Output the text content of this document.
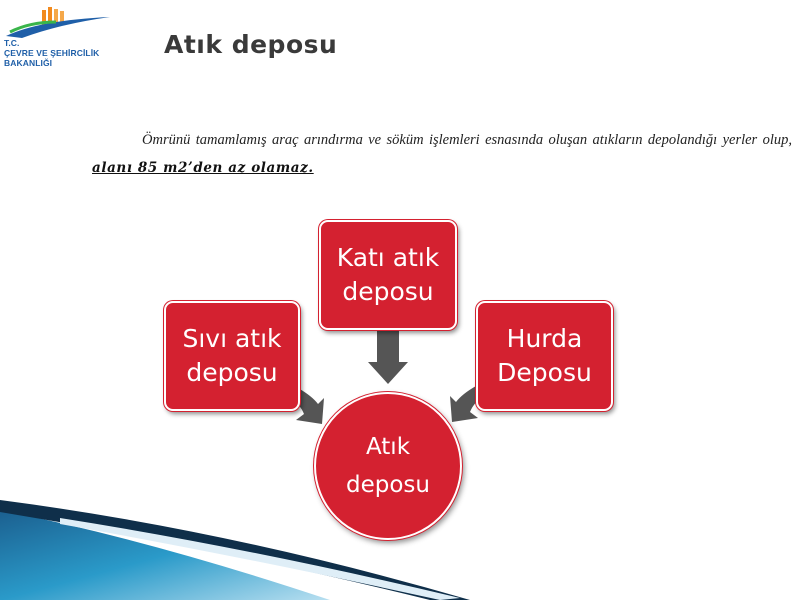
T.C.
ÇEVRE VE ŞEHİRCİLİK
BAKANLIĞI
Atık deposu
Ömrünü tamamlamış araç arındırma ve söküm işlemleri esnasında oluşan atıkların depolandığı yerler olup, alanı 85 m2’den az olamaz.
Atık
deposu
Katı atık
deposu
Sıvı atık
deposu
Hurda
Deposu
